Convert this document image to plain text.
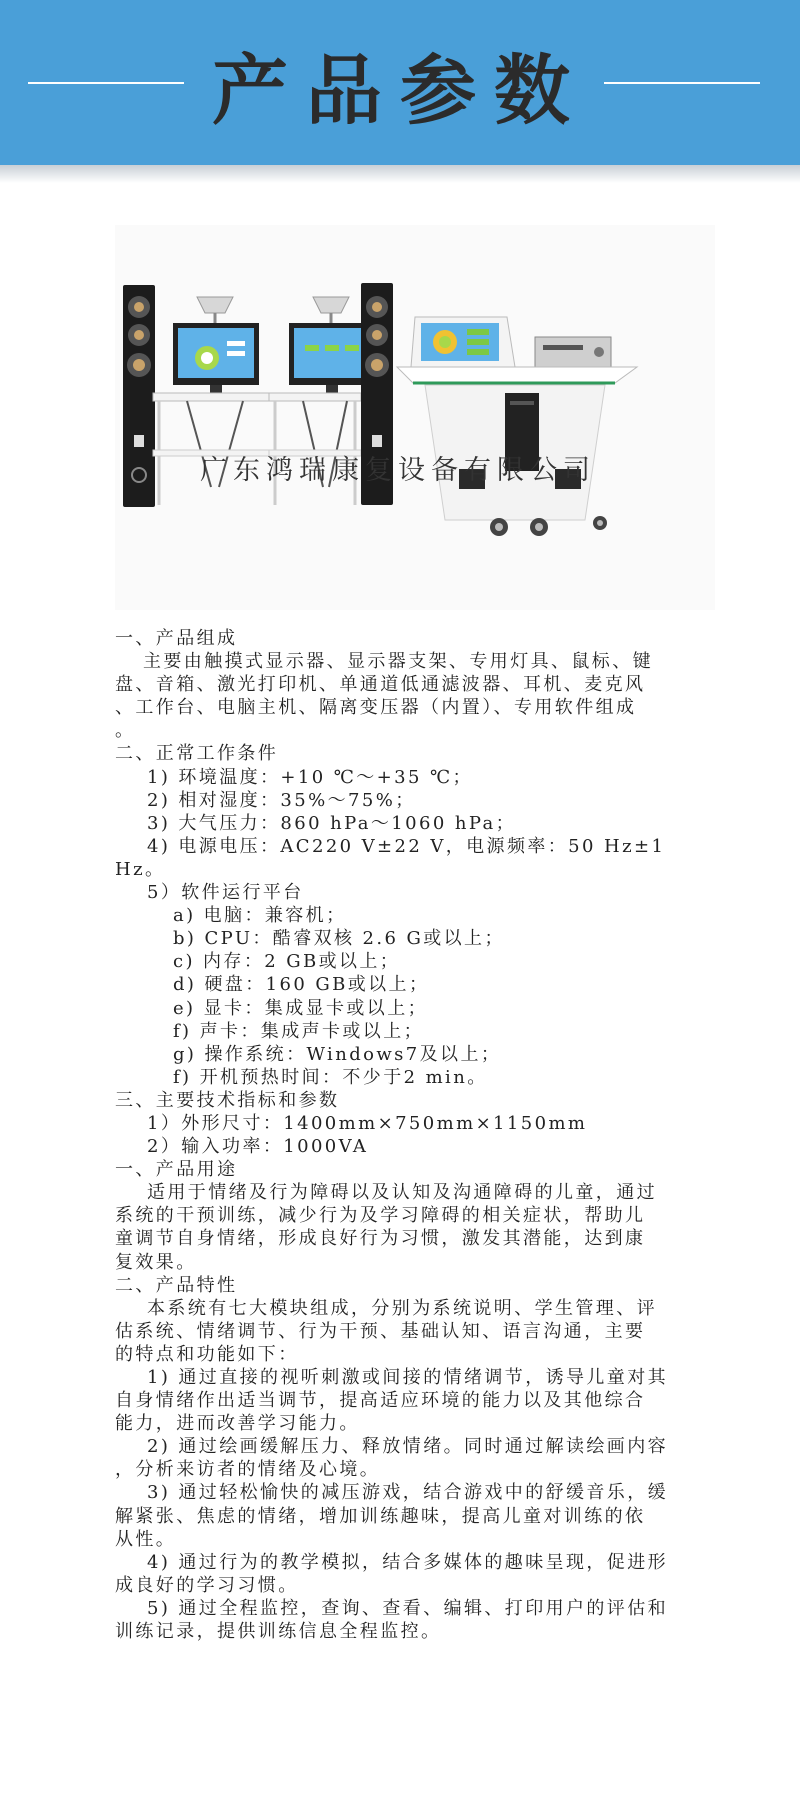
产品参数
广东鸿瑞康复设备有限公司
一、产品组成
主要由触摸式显示器、显示器支架、专用灯具、鼠标、键
盘、音箱、激光打印机、单通道低通滤波器、耳机、麦克风
、工作台、电脑主机、隔离变压器（内置）、专用软件组成
。
二、正常工作条件
1) 环境温度：+10 ℃～+35 ℃；
2) 相对湿度：35%～75%；
3) 大气压力：860 hPa～1060 hPa；
4) 电源电压：AC220 V±22 V，电源频率：50 Hz±1
Hz。
5）软件运行平台
a) 电脑：兼容机；
b) CPU：酷睿双核 2.6 G或以上；
c) 内存：2 GB或以上；
d) 硬盘：160 GB或以上；
e) 显卡：集成显卡或以上；
f) 声卡：集成声卡或以上；
g) 操作系统：Windows7及以上；
f) 开机预热时间：不少于2 min。
三、主要技术指标和参数
1）外形尺寸：1400mm×750mm×1150mm
2）输入功率：1000VA
一、产品用途
适用于情绪及行为障碍以及认知及沟通障碍的儿童，通过
系统的干预训练，减少行为及学习障碍的相关症状，帮助儿
童调节自身情绪，形成良好行为习惯，激发其潜能，达到康
复效果。
二、产品特性
本系统有七大模块组成，分别为系统说明、学生管理、评
估系统、情绪调节、行为干预、基础认知、语言沟通，主要
的特点和功能如下：
1) 通过直接的视听刺激或间接的情绪调节，诱导儿童对其
自身情绪作出适当调节，提高适应环境的能力以及其他综合
能力，进而改善学习能力。
2) 通过绘画缓解压力、释放情绪。同时通过解读绘画内容
，分析来访者的情绪及心境。
3) 通过轻松愉快的减压游戏，结合游戏中的舒缓音乐，缓
解紧张、焦虑的情绪，增加训练趣味，提高儿童对训练的依
从性。
4) 通过行为的教学模拟，结合多媒体的趣味呈现，促进形
成良好的学习习惯。
5) 通过全程监控，查询、查看、编辑、打印用户的评估和
训练记录，提供训练信息全程监控。
